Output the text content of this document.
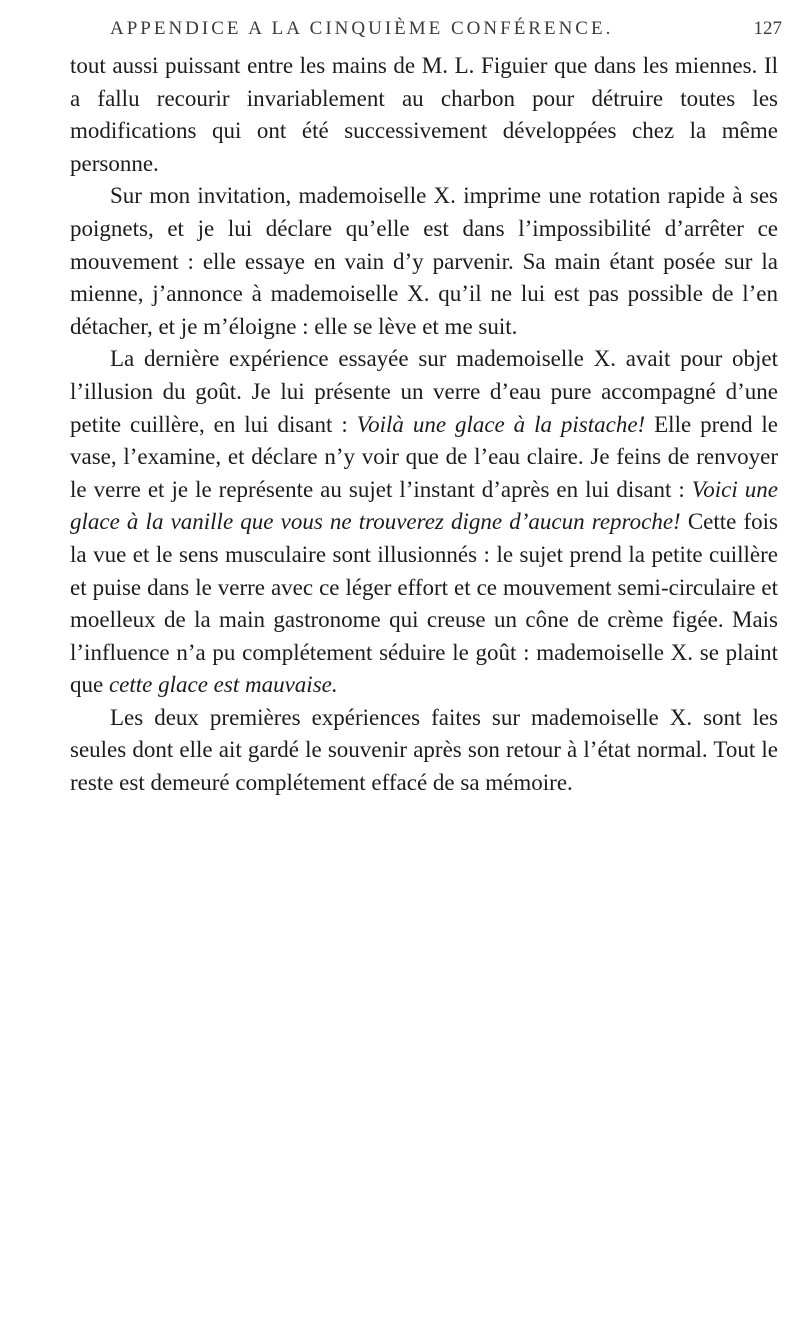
APPENDICE A LA CINQUIÈME CONFÉRENCE.	127

tout aussi puissant entre les mains de M. L. Figuier que dans les miennes. Il a fallu recourir invariablement au charbon pour détruire toutes les modifications qui ont été successivement développées chez la même personne.

Sur mon invitation, mademoiselle X. imprime une rotation rapide à ses poignets, et je lui déclare qu’elle est dans l’impossibilité d’arrêter ce mouvement : elle essaye en vain d’y parvenir. Sa main étant posée sur la mienne, j’annonce à mademoiselle X. qu’il ne lui est pas possible de l’en détacher, et je m’éloigne : elle se lève et me suit.

La dernière expérience essayée sur mademoiselle X. avait pour objet l’illusion du goût. Je lui présente un verre d’eau pure accompagné d’une petite cuillère, en lui disant : Voilà une glace à la pistache! Elle prend le vase, l’examine, et déclare n’y voir que de l’eau claire. Je feins de renvoyer le verre et je le représente au sujet l’instant d’après en lui disant : Voici une glace à la vanille que vous ne trouverez digne d’aucun reproche! Cette fois la vue et le sens musculaire sont illusionnés : le sujet prend la petite cuillère et puise dans le verre avec ce léger effort et ce mouvement semi-circulaire et moelleux de la main gastronome qui creuse un cône de crème figée. Mais l’influence n’a pu complétement séduire le goût : mademoiselle X. se plaint que cette glace est mauvaise.

Les deux premières expériences faites sur mademoiselle X. sont les seules dont elle ait gardé le souvenir après son retour à l’état normal. Tout le reste est demeuré complétement effacé de sa mémoire.
